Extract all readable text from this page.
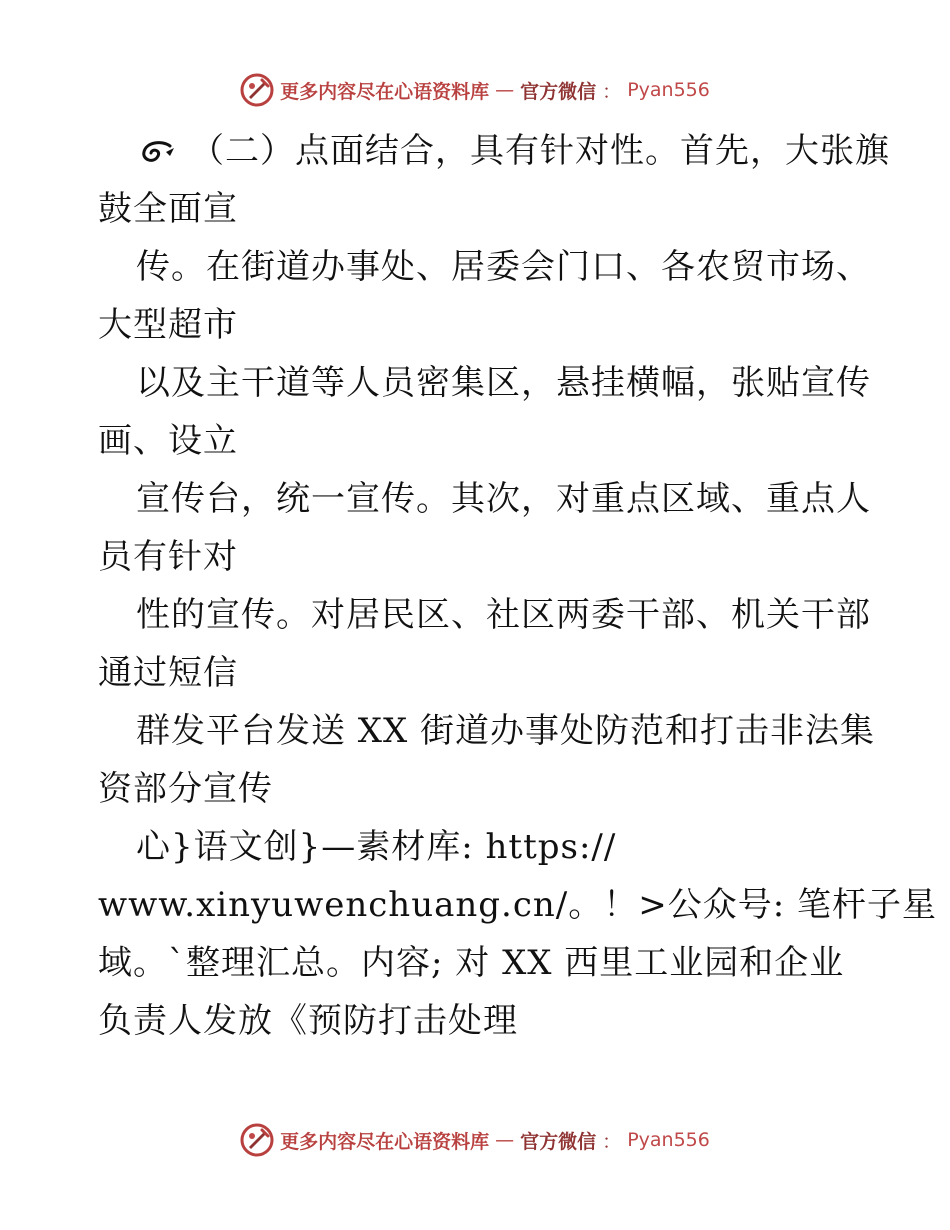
更多内容尽在心语资料库 — 官方微信 ： Pyan556
（二）点面结合，具有针对性。首先，大张旗
鼓全面宣
传。在街道办事处、居委会门口、各农贸市场、
大型超市
以及主干道等人员密集区，悬挂横幅，张贴宣传
画、设立
宣传台，统一宣传。其次，对重点区域、重点人
员有针对
性的宣传。对居民区、社区两委干部、机关干部
通过短信
群发平台发送 XX 街道办事处防范和打击非法集
资部分宣传
心}语文创}—素材库: https://
www.xinyuwenchuang.cn/。！>公众号: 笔杆子星
域。`整理汇总。内容; 对 XX 西里工业园和企业
负责人发放《预防打击处理
更多内容尽在心语资料库 — 官方微信 ： Pyan556
